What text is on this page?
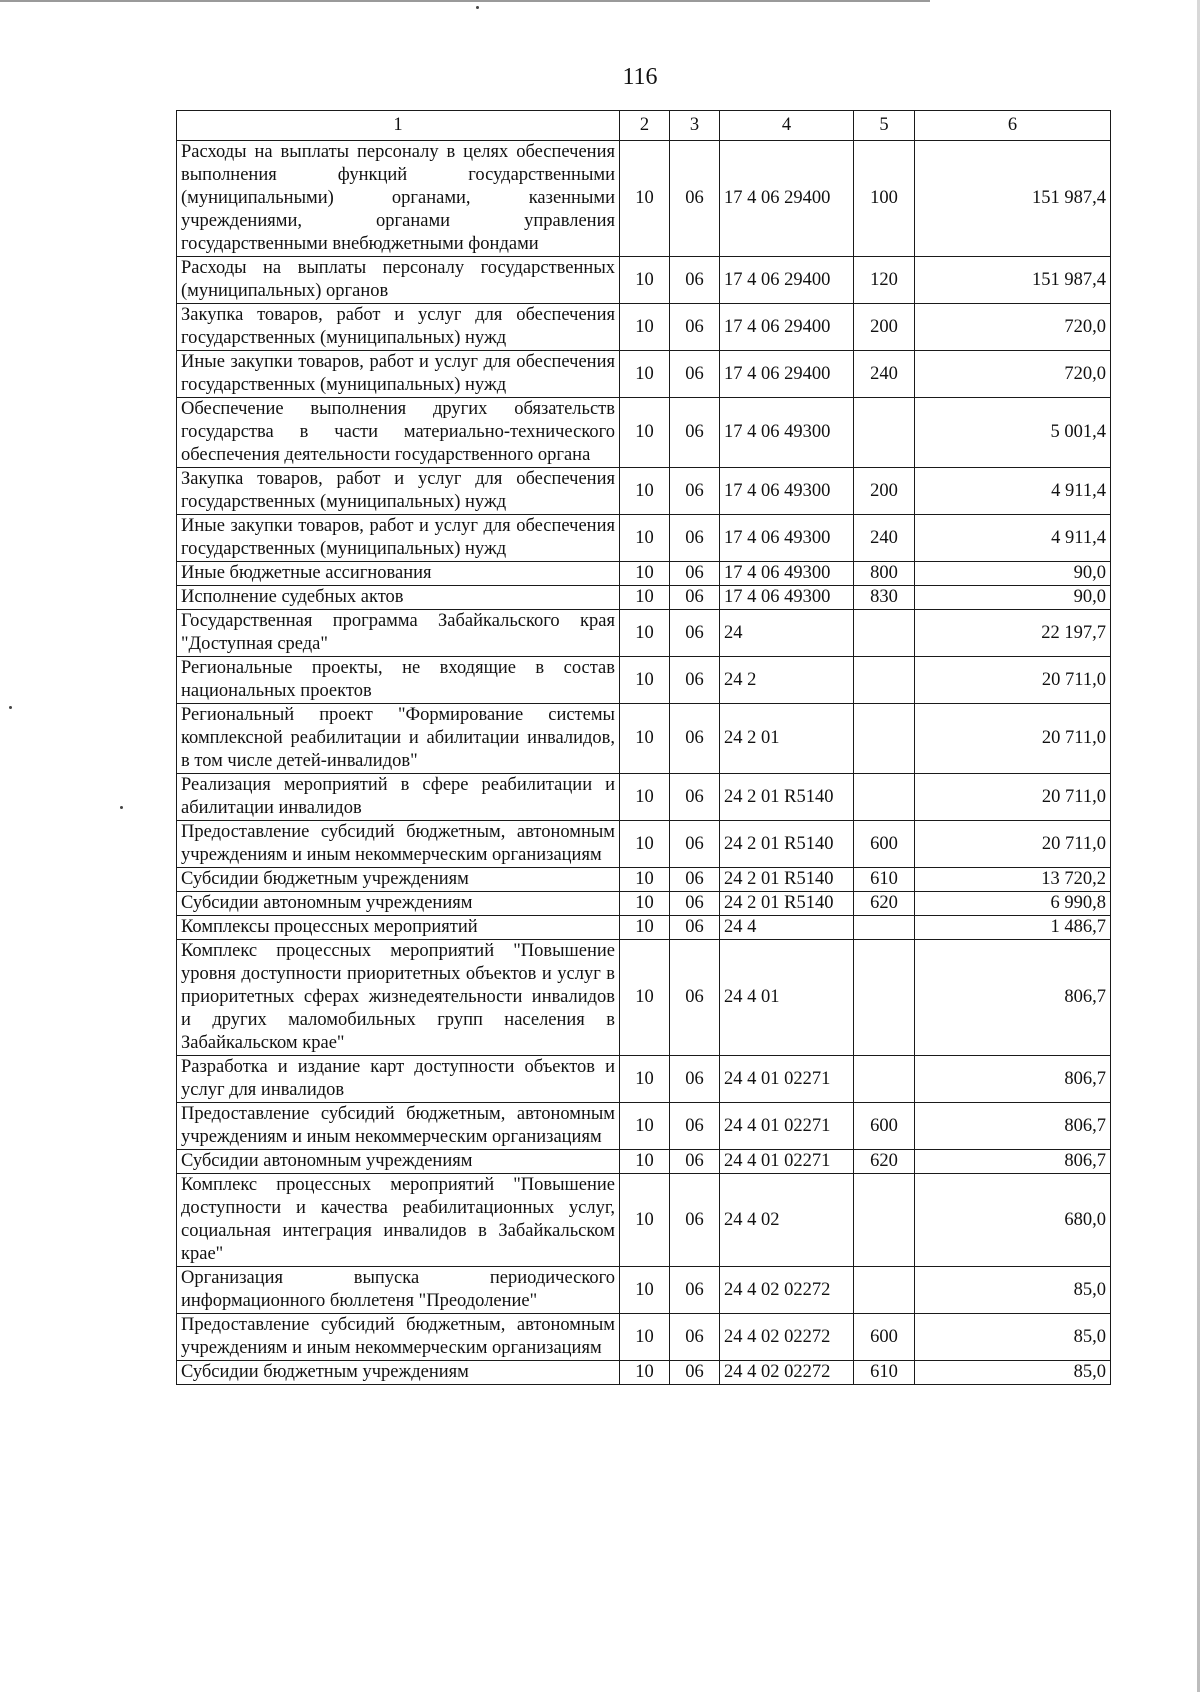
116
1	2	3	4	5	6
Расходы на выплаты персоналу в целях обеспечения выполнения функций государственными (муниципальными) органами, казенными учреждениями, органами управления государственными внебюджетными фондами	10	06	17 4 06 29400	100	151 987,4
Расходы на выплаты персоналу государственных (муниципальных) органов	10	06	17 4 06 29400	120	151 987,4
Закупка товаров, работ и услуг для обеспечения государственных (муниципальных) нужд	10	06	17 4 06 29400	200	720,0
Иные закупки товаров, работ и услуг для обеспечения государственных (муниципальных) нужд	10	06	17 4 06 29400	240	720,0
Обеспечение выполнения других обязательств государства в части материально-технического обеспечения деятельности государственного органа	10	06	17 4 06 49300		5 001,4
Закупка товаров, работ и услуг для обеспечения государственных (муниципальных) нужд	10	06	17 4 06 49300	200	4 911,4
Иные закупки товаров, работ и услуг для обеспечения государственных (муниципальных) нужд	10	06	17 4 06 49300	240	4 911,4
Иные бюджетные ассигнования	10	06	17 4 06 49300	800	90,0
Исполнение судебных актов	10	06	17 4 06 49300	830	90,0
Государственная программа Забайкальского края "Доступная среда"	10	06	24		22 197,7
Региональные проекты, не входящие в состав национальных проектов	10	06	24 2		20 711,0
Региональный проект "Формирование системы комплексной реабилитации и абилитации инвалидов, в том числе детей-инвалидов"	10	06	24 2 01		20 711,0
Реализация мероприятий в сфере реабилитации и абилитации инвалидов	10	06	24 2 01 R5140		20 711,0
Предоставление субсидий бюджетным, автономным учреждениям и иным некоммерческим организациям	10	06	24 2 01 R5140	600	20 711,0
Субсидии бюджетным учреждениям	10	06	24 2 01 R5140	610	13 720,2
Субсидии автономным учреждениям	10	06	24 2 01 R5140	620	6 990,8
Комплексы процессных мероприятий	10	06	24 4		1 486,7
Комплекс процессных мероприятий "Повышение уровня доступности приоритетных объектов и услуг в приоритетных сферах жизнедеятельности инвалидов и других маломобильных групп населения в Забайкальском крае"	10	06	24 4 01		806,7
Разработка и издание карт доступности объектов и услуг для инвалидов	10	06	24 4 01 02271		806,7
Предоставление субсидий бюджетным, автономным учреждениям и иным некоммерческим организациям	10	06	24 4 01 02271	600	806,7
Субсидии автономным учреждениям	10	06	24 4 01 02271	620	806,7
Комплекс процессных мероприятий "Повышение доступности и качества реабилитационных услуг, социальная интеграция инвалидов в Забайкальском крае"	10	06	24 4 02		680,0
Организация выпуска периодического информационного бюллетеня "Преодоление"	10	06	24 4 02 02272		85,0
Предоставление субсидий бюджетным, автономным учреждениям и иным некоммерческим организациям	10	06	24 4 02 02272	600	85,0
Субсидии бюджетным учреждениям	10	06	24 4 02 02272	610	85,0
